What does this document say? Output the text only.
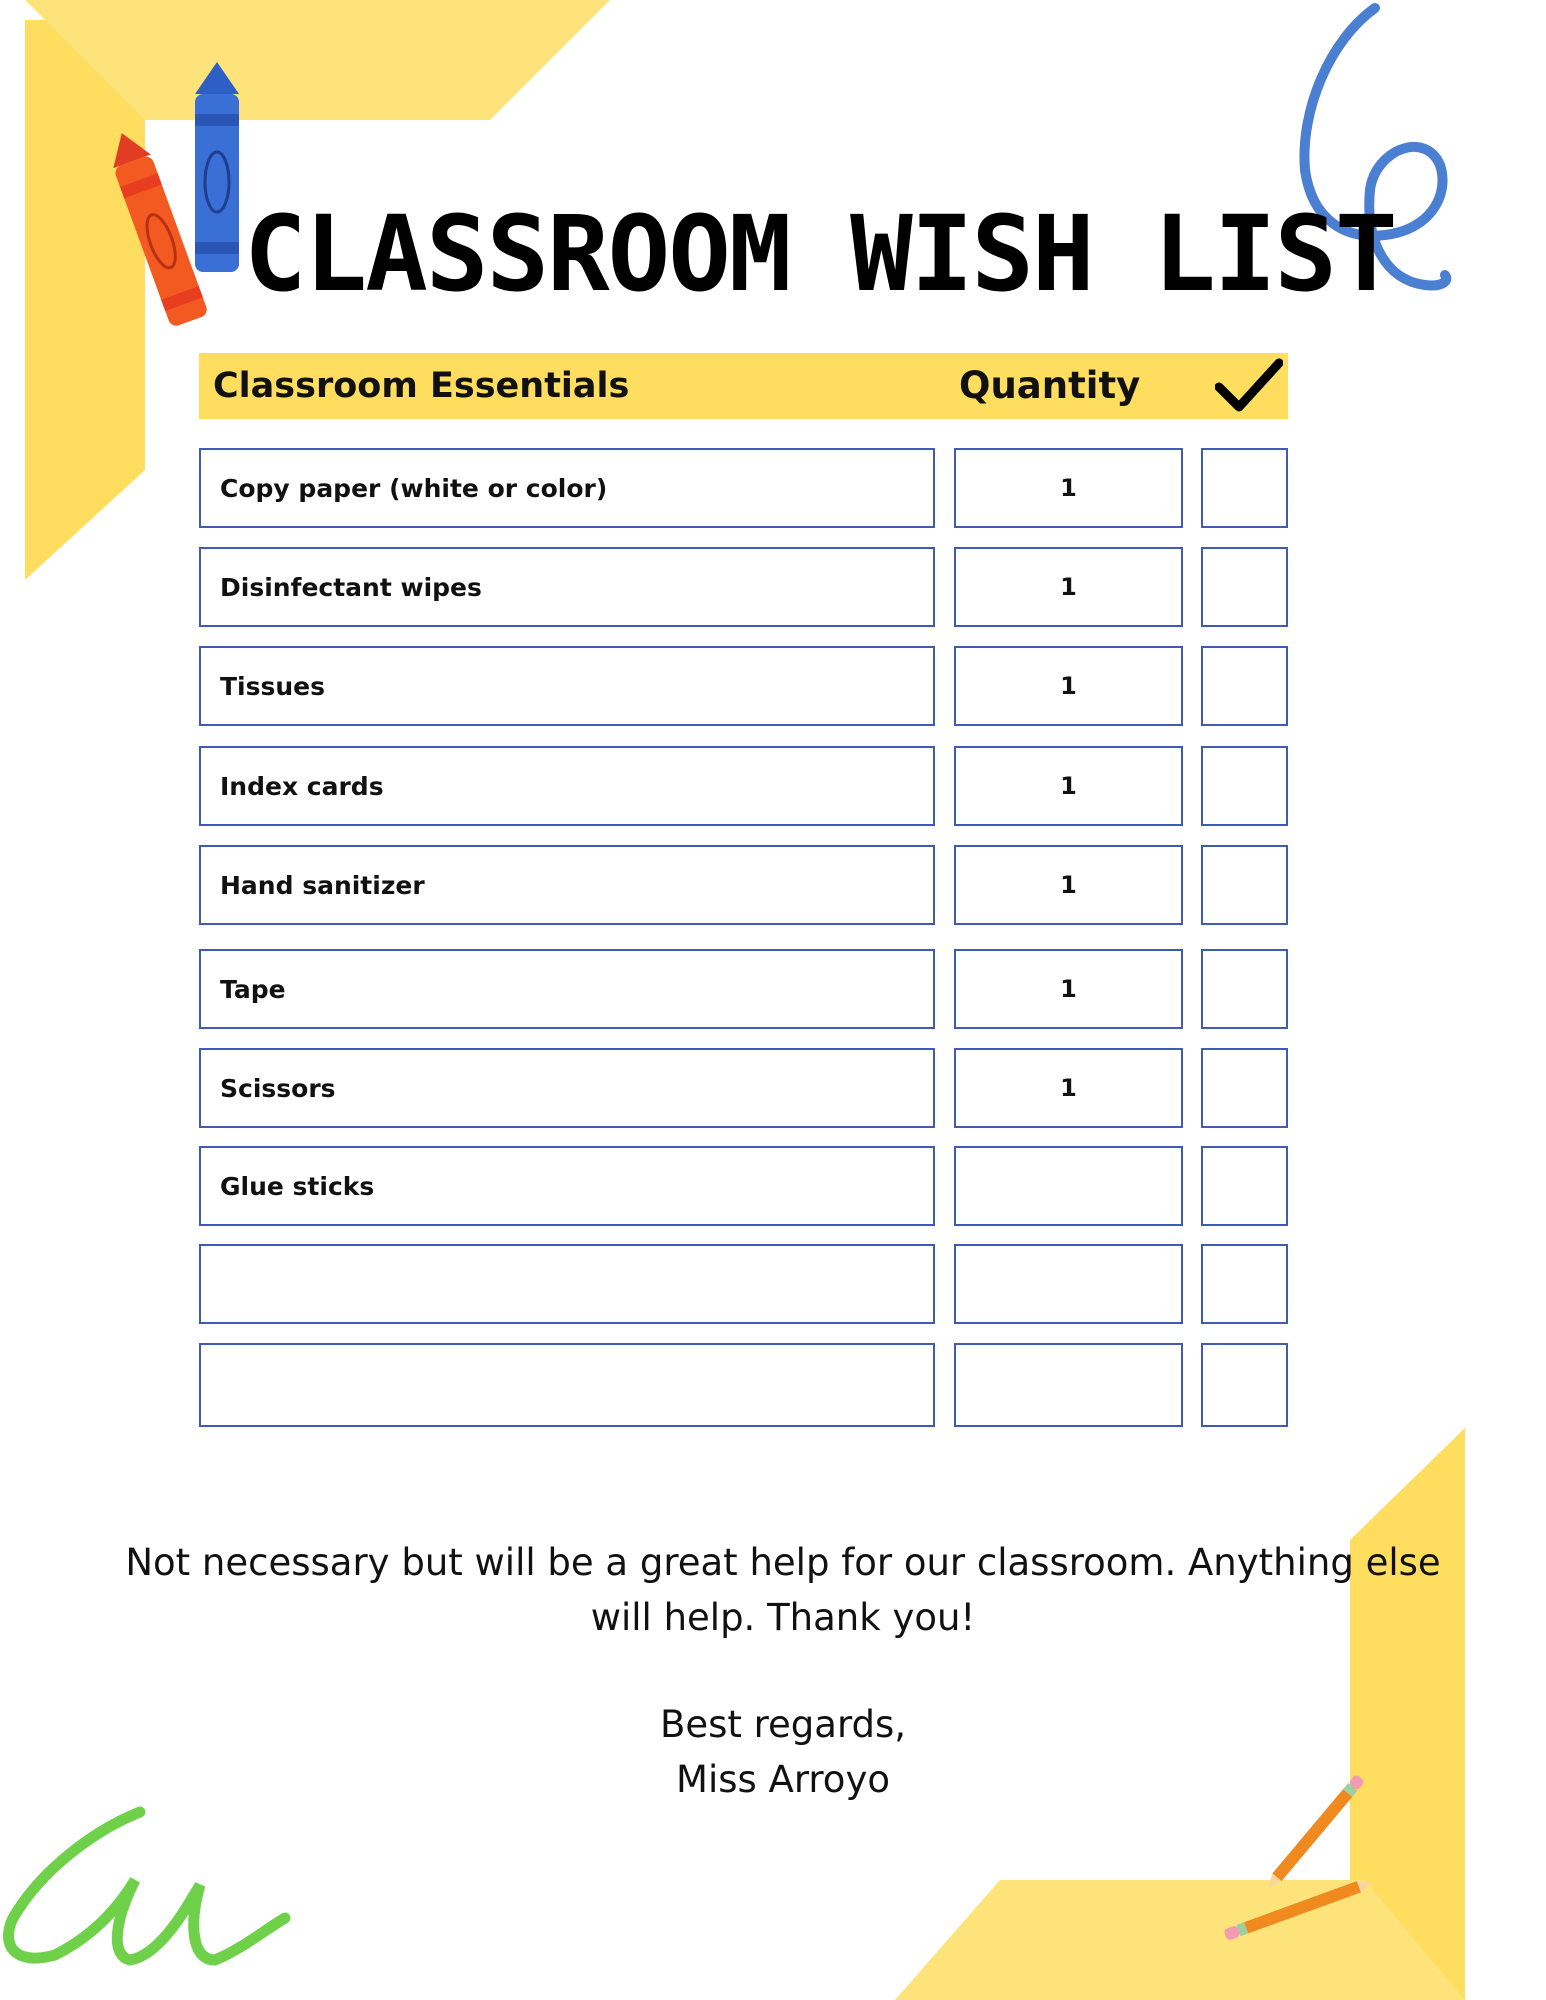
CLASSROOM WISH LIST
Classroom Essentials	Quantity
Copy paper (white or color)	1
Disinfectant wipes	1
Tissues	1
Index cards	1
Hand sanitizer	1
Tape	1
Scissors	1
Glue sticks
Not necessary but will be a great help for our classroom. Anything else will help. Thank you!
Best regards,
Miss Arroyo
